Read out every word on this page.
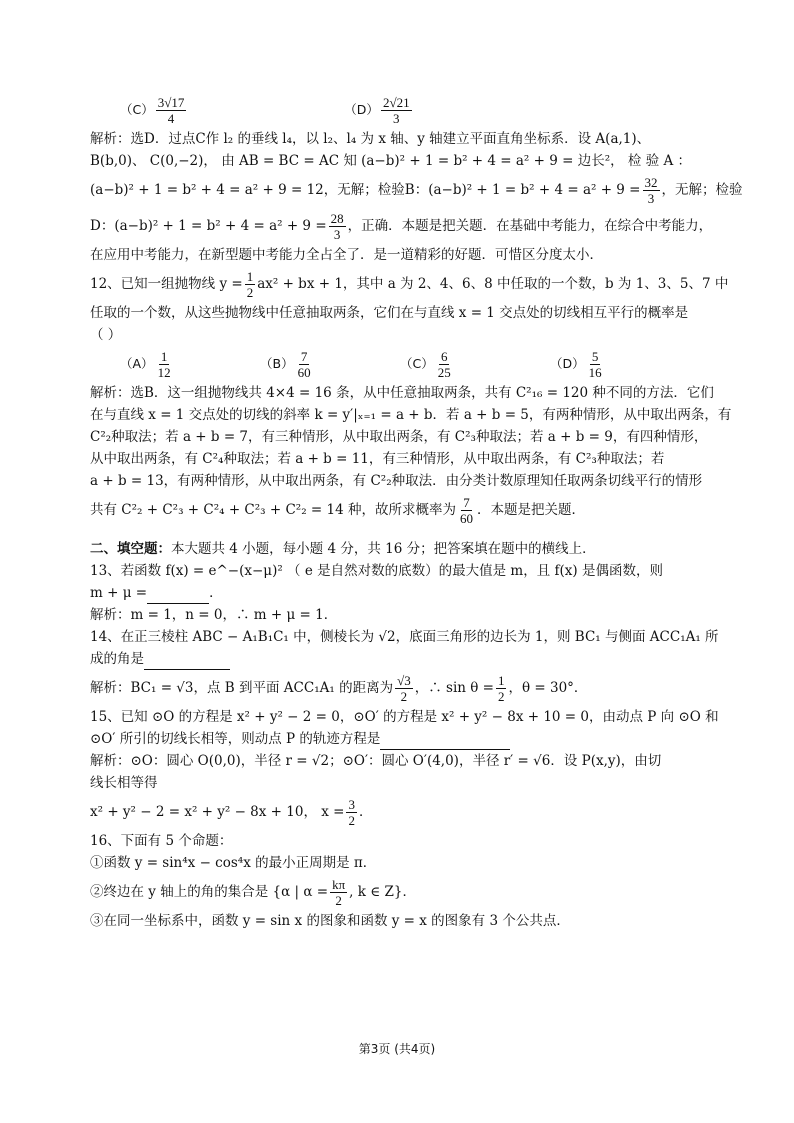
$(C) \frac{3√17}{4}$
	$(D) \frac{2√21}{3}$
解析：选D．过点C作 l₂ 的垂线 l₄，以 l₂、l₄ 为 x 轴、y 轴建立平面直角坐标系．设 A(a,1)、
B(b,0)、 C(0,−2)， 由 AB = BC = AC 知 (a−b)² + 1 = b² + 4 = a² + 9 = 边长²， 检 验 A ：
(a−b)² + 1 = b² + 4 = a² + 9 = 12，无解；检验B：$(a-b)^2 + 1 = b^2 + 4 = a^2 + 9 = \frac{32}{3}$ ，无解；检验
D：$(a-b)^2 + 1 = b^2 + 4 = a^2 + 9 = \frac{28}{3}$ ，正确．本题是把关题．在基础中考能力，在综合中考能力，
在应用中考能力，在新型题中考能力全占全了．是一道精彩的好题．可惜区分度太小．
12、已知一组抛物线 $y = \frac{1}{2} ax^2$ + bx + 1，其中 a 为 2、4、6、8 中任取的一个数，b 为 1、3、5、7 中
任取的一个数，从这些抛物线中任意抽取两条，它们在与直线 x = 1 交点处的切线相互平行的概率是
（ ）
$(A) \frac{1}{12}$	$(B) \frac{7}{60}$	$(C) \frac{6}{25}$	$(D) \frac{5}{16}$
解析：选B．这一组抛物线共 4×4 = 16 条，从中任意抽取两条，共有 C²₁₆ = 120 种不同的方法．它们
在与直线 x = 1 交点处的切线的斜率 k = y′|ₓ₌₁ = a + b．若 a + b = 5，有两种情形，从中取出两条，有
C²₂种取法；若 a + b = 7，有三种情形，从中取出两条，有 C²₃种取法；若 a + b = 9，有四种情形，
从中取出两条，有 C²₄种取法；若 a + b = 11，有三种情形，从中取出两条，有 C²₃种取法；若
a + b = 13，有两种情形，从中取出两条，有 C²₂种取法．由分类计数原理知任取两条切线平行的情形
共有 C²₂ + C²₃ + C²₄ + C²₃ + C²₂ = 14 种，故所求概率为 $\frac{7}{60}$ ．本题是把关题．
二、填空题：本大题共 4 小题，每小题 4 分，共 16 分；把答案填在题中的横线上．
13、若函数 f(x) = e^−(x−μ)² （ e 是自然对数的底数）的最大值是 m，且 f(x) 是偶函数，则
m + μ =	．
解析：m = 1，n = 0，∴ m + μ = 1．
14、在正三棱柱 ABC − A₁B₁C₁ 中，侧棱长为 √2，底面三角形的边长为 1，则 BC₁ 与侧面 ACC₁A₁ 所
成的角是
解析：BC₁ = √3，点 B 到平面 ACC₁A₁ 的距离为 $\frac{√3}{2}$ ，∴ $\sin \theta = \frac{1}{2}$ ，θ = 30°．
15、已知 ⊙O 的方程是 x² + y² − 2 = 0，⊙O′ 的方程是 x² + y² − 8x + 10 = 0，由动点 P 向 ⊙O 和
⊙O′ 所引的切线长相等，则动点 P 的轨迹方程是
解析：⊙O：圆心 O(0,0)，半径 r = √2；⊙O′：圆心 O′(4,0)，半径 r′ = √6．设 P(x,y)，由切
线长相等得
x² + y² − 2 = x² + y² − 8x + 10， $x = \frac{3}{2}$ ．
16、下面有 5 个命题：
①函数 y = sin⁴x − cos⁴x 的最小正周期是 π．
②终边在 y 轴上的角的集合是 {α | $\alpha = \frac{k\pi}{2}$ , k ∈ Z}．
③在同一坐标系中，函数 y = sin x 的图象和函数 y = x 的图象有 3 个公共点．
第3页 (共4页)
